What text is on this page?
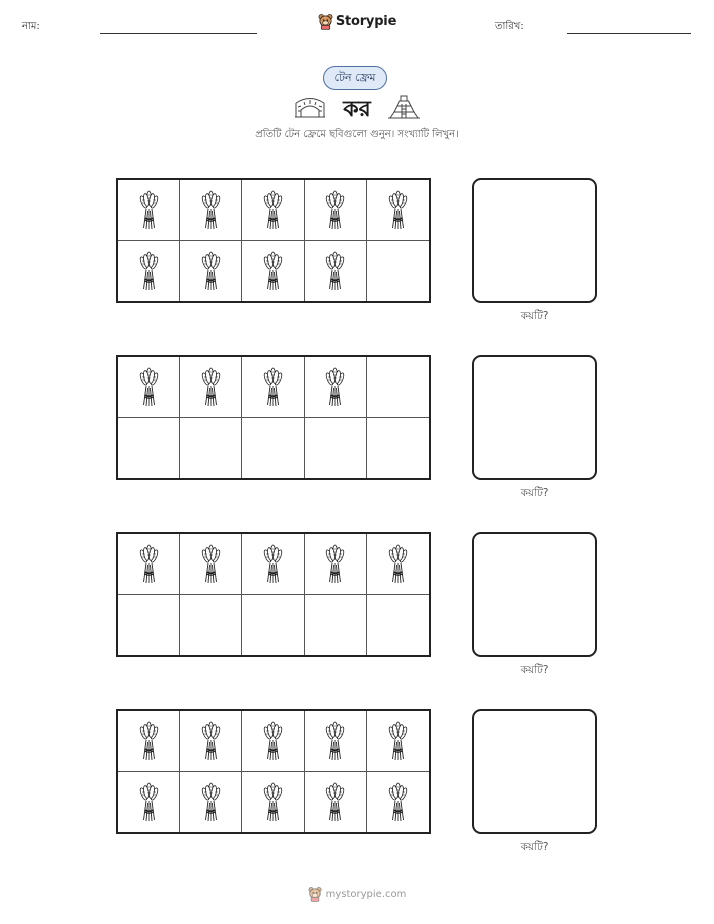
নাম:	Storypie	তারিখ:
টেন ফ্রেম
কর
প্রতিটি টেন ফ্রেমে ছবিগুলো গুনুন। সংখ্যাটি লিখুন।
কয়টি?
কয়টি?
কয়টি?
কয়টি?
mystorypie.com
